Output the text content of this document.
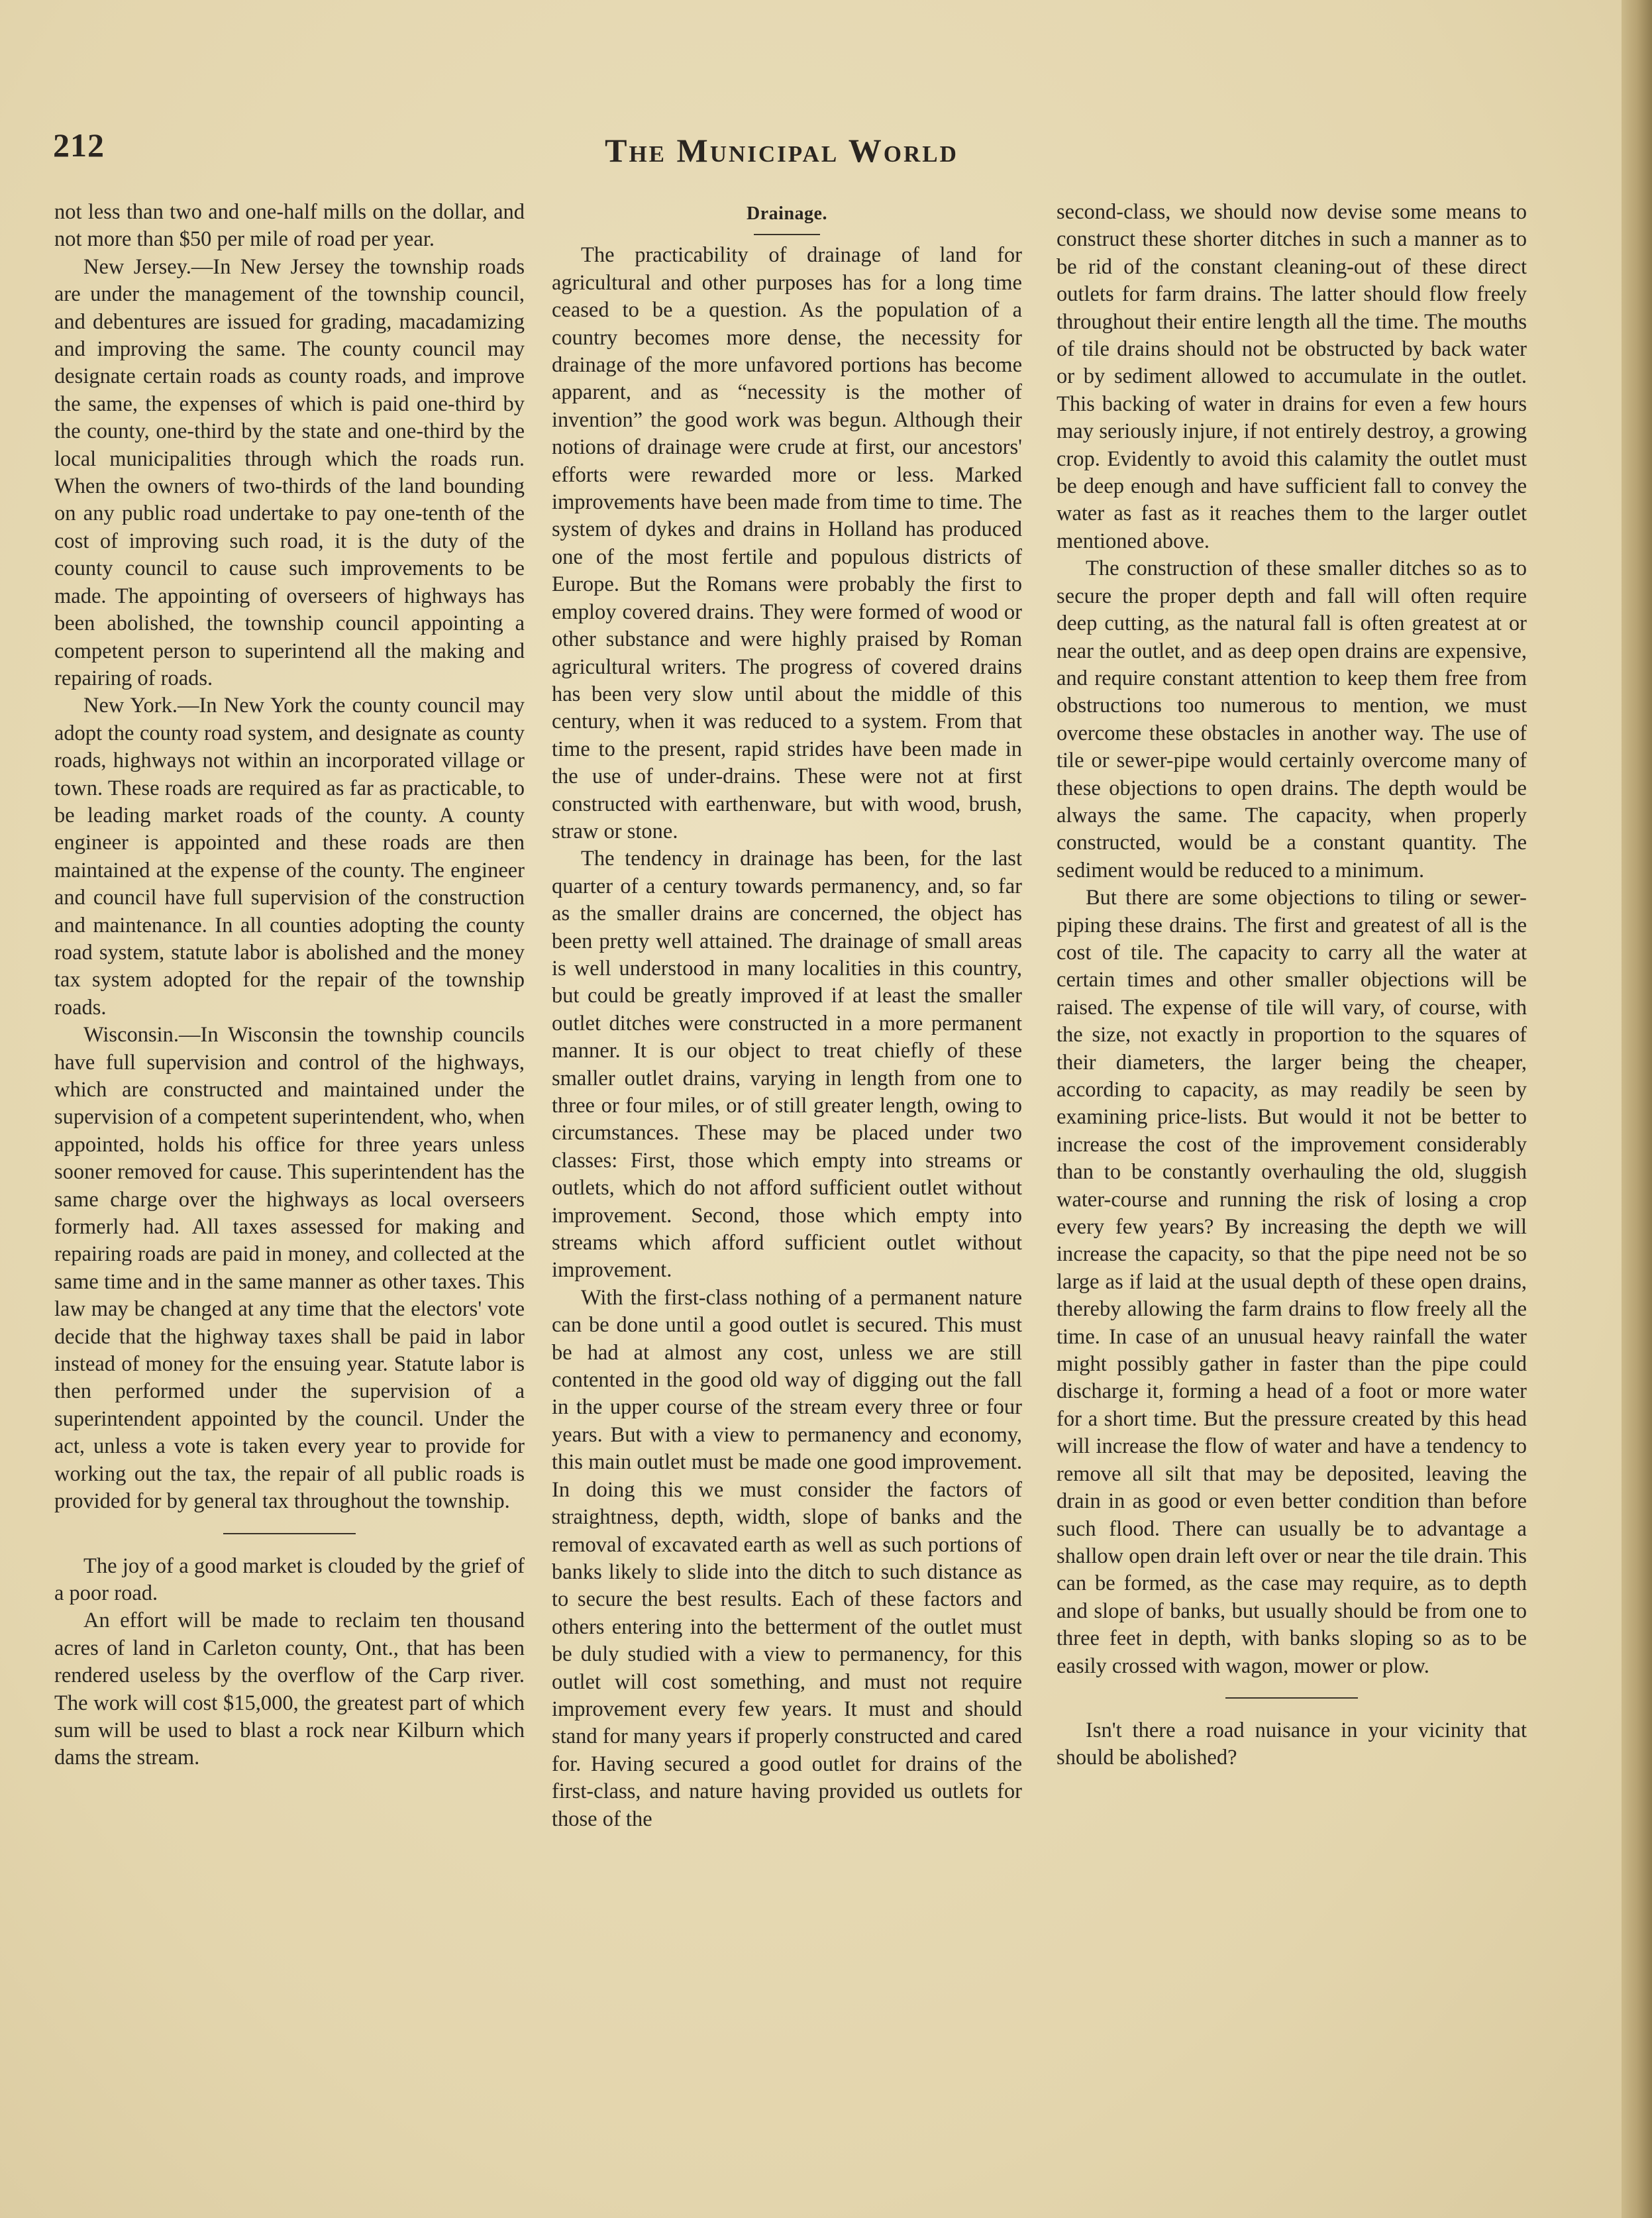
212	The Municipal World

not less than two and one-half mills on the dollar, and not more than $50 per mile of road per year.

New Jersey.—In New Jersey the township roads are under the management of the township council, and debentures are issued for grading, macadamizing and improving the same. The county council may designate certain roads as county roads, and improve the same, the expenses of which is paid one-third by the county, one-third by the state and one-third by the local municipalities through which the roads run. When the owners of two-thirds of the land bounding on any public road undertake to pay one-tenth of the cost of improving such road, it is the duty of the county council to cause such improvements to be made. The appointing of overseers of highways has been abolished, the township council appointing a competent person to superintend all the making and repairing of roads.

New York.—In New York the county council may adopt the county road system, and designate as county roads, highways not within an incorporated village or town. These roads are required as far as practicable, to be leading market roads of the county. A county engineer is appointed and these roads are then maintained at the expense of the county. The engineer and council have full supervision of the construction and maintenance. In all counties adopting the county road system, statute labor is abolished and the money tax system adopted for the repair of the township roads.

Wisconsin.—In Wisconsin the township councils have full supervision and control of the highways, which are constructed and maintained under the supervision of a competent superintendent, who, when appointed, holds his office for three years unless sooner removed for cause. This superintendent has the same charge over the highways as local overseers formerly had. All taxes assessed for making and repairing roads are paid in money, and collected at the same time and in the same manner as other taxes. This law may be changed at any time that the electors' vote decide that the highway taxes shall be paid in labor instead of money for the ensuing year. Statute labor is then performed under the supervision of a superintendent appointed by the council. Under the act, unless a vote is taken every year to provide for working out the tax, the repair of all public roads is provided for by general tax throughout the township.

The joy of a good market is clouded by the grief of a poor road.

An effort will be made to reclaim ten thousand acres of land in Carleton county, Ont., that has been rendered useless by the overflow of the Carp river. The work will cost $15,000, the greatest part of which sum will be used to blast a rock near Kilburn which dams the stream.

Drainage.

The practicability of drainage of land for agricultural and other purposes has for a long time ceased to be a question. As the population of a country becomes more dense, the necessity for drainage of the more unfavored portions has become apparent, and as “necessity is the mother of invention” the good work was begun. Although their notions of drainage were crude at first, our ancestors' efforts were rewarded more or less. Marked improvements have been made from time to time. The system of dykes and drains in Holland has produced one of the most fertile and populous districts of Europe. But the Romans were probably the first to employ covered drains. They were formed of wood or other substance and were highly praised by Roman agricultural writers. The progress of covered drains has been very slow until about the middle of this century, when it was reduced to a system. From that time to the present, rapid strides have been made in the use of under-drains. These were not at first constructed with earthenware, but with wood, brush, straw or stone.

The tendency in drainage has been, for the last quarter of a century towards permanency, and, so far as the smaller drains are concerned, the object has been pretty well attained. The drainage of small areas is well understood in many localities in this country, but could be greatly improved if at least the smaller outlet ditches were constructed in a more permanent manner. It is our object to treat chiefly of these smaller outlet drains, varying in length from one to three or four miles, or of still greater length, owing to circumstances. These may be placed under two classes: First, those which empty into streams or outlets, which do not afford sufficient outlet without improvement. Second, those which empty into streams which afford sufficient outlet without improvement.

With the first-class nothing of a permanent nature can be done until a good outlet is secured. This must be had at almost any cost, unless we are still contented in the good old way of digging out the fall in the upper course of the stream every three or four years. But with a view to permanency and economy, this main outlet must be made one good improvement. In doing this we must consider the factors of straightness, depth, width, slope of banks and the removal of excavated earth as well as such portions of banks likely to slide into the ditch to such distance as to secure the best results. Each of these factors and others entering into the betterment of the outlet must be duly studied with a view to permanency, for this outlet will cost something, and must not require improvement every few years. It must and should stand for many years if properly constructed and cared for. Having secured a good outlet for drains of the first-class, and nature having provided us outlets for those of the

second-class, we should now devise some means to construct these shorter ditches in such a manner as to be rid of the constant cleaning-out of these direct outlets for farm drains. The latter should flow freely throughout their entire length all the time. The mouths of tile drains should not be obstructed by back water or by sediment allowed to accumulate in the outlet. This backing of water in drains for even a few hours may seriously injure, if not entirely destroy, a growing crop. Evidently to avoid this calamity the outlet must be deep enough and have sufficient fall to convey the water as fast as it reaches them to the larger outlet mentioned above.

The construction of these smaller ditches so as to secure the proper depth and fall will often require deep cutting, as the natural fall is often greatest at or near the outlet, and as deep open drains are expensive, and require constant attention to keep them free from obstructions too numerous to mention, we must overcome these obstacles in another way. The use of tile or sewer-pipe would certainly overcome many of these objections to open drains. The depth would be always the same. The capacity, when properly constructed, would be a constant quantity. The sediment would be reduced to a minimum.

But there are some objections to tiling or sewer-piping these drains. The first and greatest of all is the cost of tile. The capacity to carry all the water at certain times and other smaller objections will be raised. The expense of tile will vary, of course, with the size, not exactly in proportion to the squares of their diameters, the larger being the cheaper, according to capacity, as may readily be seen by examining price-lists. But would it not be better to increase the cost of the improvement considerably than to be constantly overhauling the old, sluggish water-course and running the risk of losing a crop every few years? By increasing the depth we will increase the capacity, so that the pipe need not be so large as if laid at the usual depth of these open drains, thereby allowing the farm drains to flow freely all the time. In case of an unusual heavy rainfall the water might possibly gather in faster than the pipe could discharge it, forming a head of a foot or more water for a short time. But the pressure created by this head will increase the flow of water and have a tendency to remove all silt that may be deposited, leaving the drain in as good or even better condition than before such flood. There can usually be to advantage a shallow open drain left over or near the tile drain. This can be formed, as the case may require, as to depth and slope of banks, but usually should be from one to three feet in depth, with banks sloping so as to be easily crossed with wagon, mower or plow.

Isn't there a road nuisance in your vicinity that should be abolished?
